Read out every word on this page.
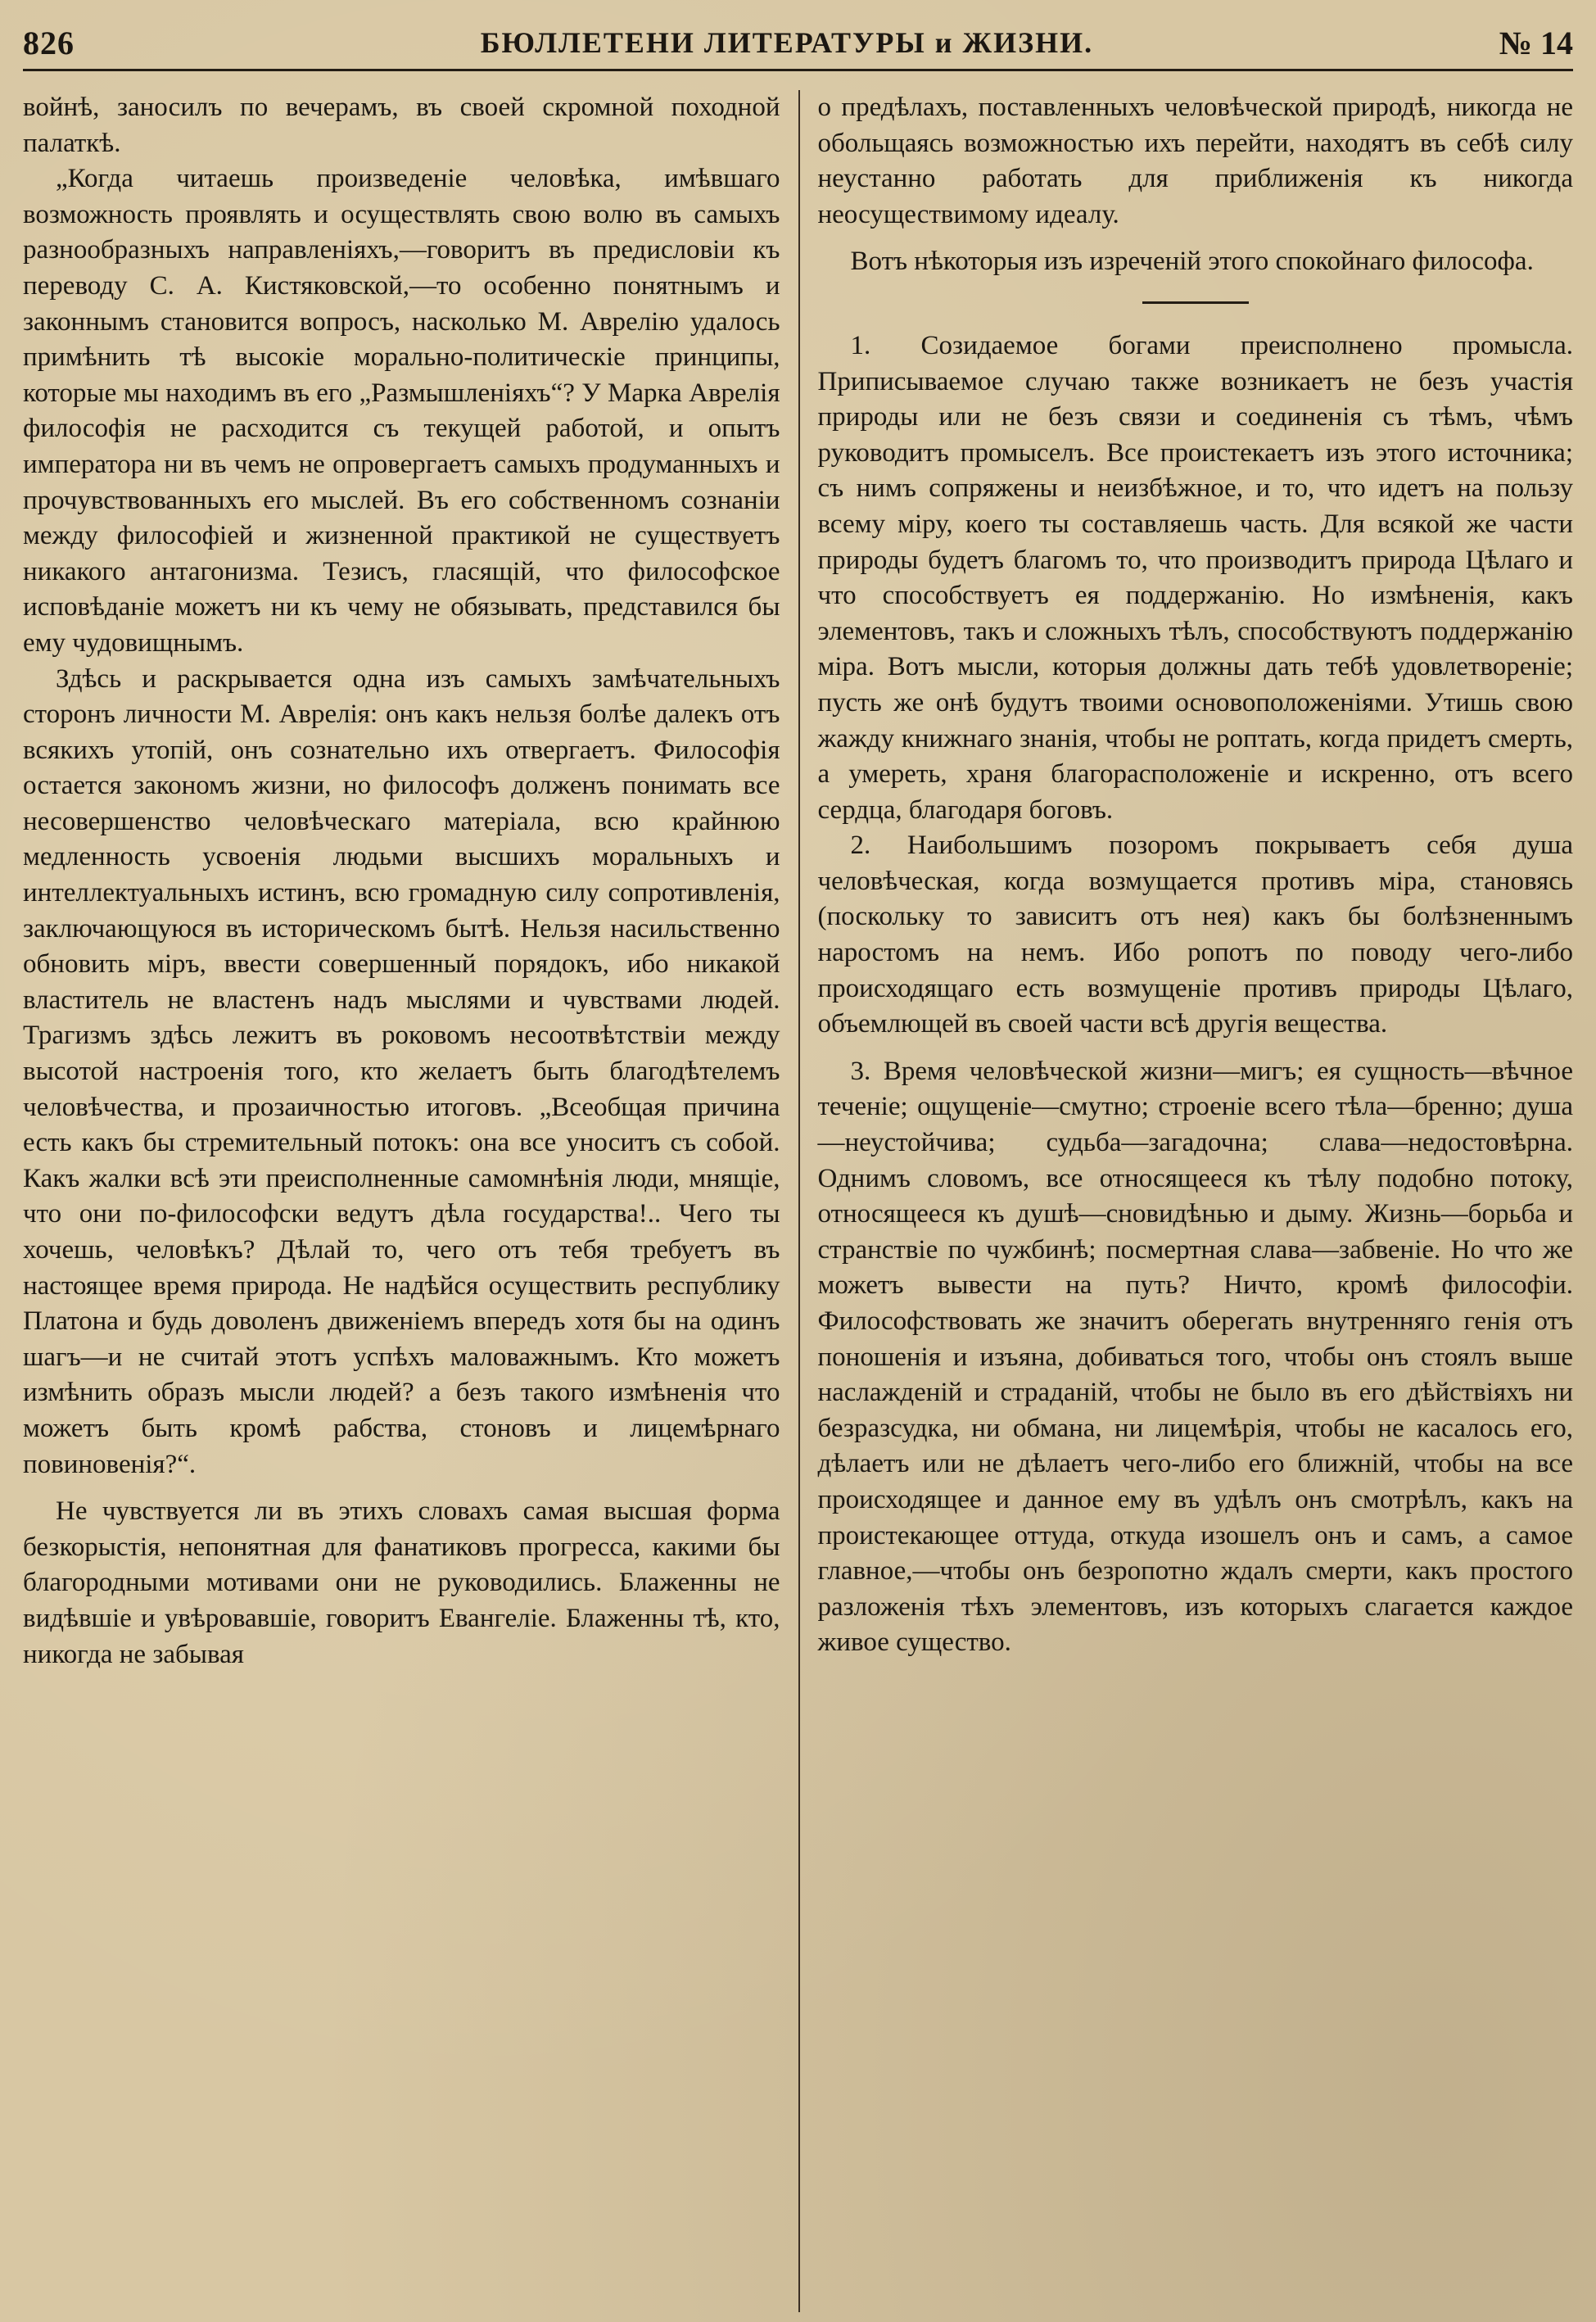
826	БЮЛЛЕТЕНИ ЛИТЕРАТУРЫ и ЖИЗНИ.	№ 14

войнѣ, заносилъ по вечерамъ, въ своей скромной походной палаткѣ.

„Когда читаешь произведеніе человѣка, имѣвшаго возможность проявлять и осуществлять свою волю въ самыхъ разнообразныхъ направленіяхъ,—говоритъ въ предисловіи къ переводу С. А. Кистяковской,—то особенно понятнымъ и законнымъ становится вопросъ, насколько М. Аврелію удалось примѣнить тѣ высокіе морально-политическіе принципы, которые мы находимъ въ его „Размышленіяхъ“? У Марка Аврелія философія не расходится съ текущей работой, и опытъ императора ни въ чемъ не опровергаетъ самыхъ продуманныхъ и прочувствованныхъ его мыслей. Въ его собственномъ сознаніи между философіей и жизненной практикой не существуетъ никакого антагонизма. Тезисъ, гласящій, что философское исповѣданіе можетъ ни къ чему не обязывать, представился бы ему чудовищнымъ.

Здѣсь и раскрывается одна изъ самыхъ замѣчательныхъ сторонъ личности М. Аврелія: онъ какъ нельзя болѣе далекъ отъ всякихъ утопій, онъ сознательно ихъ отвергаетъ. Философія остается закономъ жизни, но философъ долженъ понимать все несовершенство человѣческаго матеріала, всю крайнюю медленность усвоенія людьми высшихъ моральныхъ и интеллектуальныхъ истинъ, всю громадную силу сопротивленія, заключающуюся въ историческомъ бытѣ. Нельзя насильственно обновить міръ, ввести совершенный порядокъ, ибо никакой властитель не властенъ надъ мыслями и чувствами людей. Трагизмъ здѣсь лежитъ въ роковомъ несоотвѣтствіи между высотой настроенія того, кто желаетъ быть благодѣтелемъ человѣчества, и прозаичностью итоговъ. „Всеобщая причина есть какъ бы стремительный потокъ: она все уноситъ съ собой. Какъ жалки всѣ эти преисполненные самомнѣнія люди, мнящіе, что они по-философски ведутъ дѣла государства!.. Чего ты хочешь, человѣкъ? Дѣлай то, чего отъ тебя требуетъ въ настоящее время природа. Не надѣйся осуществить республику Платона и будь доволенъ движеніемъ впередъ хотя бы на одинъ шагъ—и не считай этотъ успѣхъ маловажнымъ. Кто можетъ измѣнить образъ мысли людей? а безъ такого измѣненія что можетъ быть кромѣ рабства, стоновъ и лицемѣрнаго повиновенія?“.

Не чувствуется ли въ этихъ словахъ самая высшая форма безкорыстія, непонятная для фанатиковъ прогресса, какими бы благородными мотивами они не руководились. Блаженны не видѣвшіе и увѣровавшіе, говоритъ Евангеліе. Блаженны тѣ, кто, никогда не забывая

о предѣлахъ, поставленныхъ человѣческой природѣ, никогда не обольщаясь возможностью ихъ перейти, находятъ въ себѣ силу неустанно работать для приближенія къ никогда неосуществимому идеалу.

Вотъ нѣкоторыя изъ изреченій этого спокойнаго философа.

1. Созидаемое богами преисполнено промысла. Приписываемое случаю также возникаетъ не безъ участія природы или не безъ связи и соединенія съ тѣмъ, чѣмъ руководитъ промыселъ. Все проистекаетъ изъ этого источника; съ нимъ сопряжены и неизбѣжное, и то, что идетъ на пользу всему міру, коего ты составляешь часть. Для всякой же части природы будетъ благомъ то, что производитъ природа Цѣлаго и что способствуетъ ея поддержанію. Но измѣненія, какъ элементовъ, такъ и сложныхъ тѣлъ, способствуютъ поддержанію міра. Вотъ мысли, которыя должны дать тебѣ удовлетвореніе; пусть же онѣ будутъ твоими основоположеніями. Утишь свою жажду книжнаго знанія, чтобы не роптать, когда придетъ смерть, а умереть, храня благорасположеніе и искренно, отъ всего сердца, благодаря боговъ.

2. Наибольшимъ позоромъ покрываетъ себя душа человѣческая, когда возмущается противъ міра, становясь (поскольку то зависитъ отъ нея) какъ бы болѣзненнымъ наростомъ на немъ. Ибо ропотъ по поводу чего-либо происходящаго есть возмущеніе противъ природы Цѣлаго, объемлющей въ своей части всѣ другія вещества.

3. Время человѣческой жизни—мигъ; ея сущность—вѣчное теченіе; ощущеніе—смутно; строеніе всего тѣла—бренно; душа—неустойчива; судьба—загадочна; слава—недостовѣрна. Однимъ словомъ, все относящееся къ тѣлу подобно потоку, относящееся къ душѣ—сновидѣнью и дыму. Жизнь—борьба и странствіе по чужбинѣ; посмертная слава—забвеніе. Но что же можетъ вывести на путь? Ничто, кромѣ философіи. Философствовать же значитъ оберегать внутренняго генія отъ поношенія и изъяна, добиваться того, чтобы онъ стоялъ выше наслажденій и страданій, чтобы не было въ его дѣйствіяхъ ни безразсудка, ни обмана, ни лицемѣрія, чтобы не касалось его, дѣлаетъ или не дѣлаетъ чего-либо его ближній, чтобы на все происходящее и данное ему въ удѣлъ онъ смотрѣлъ, какъ на проистекающее оттуда, откуда изошелъ онъ и самъ, а самое главное,—чтобы онъ безропотно ждалъ смерти, какъ простого разложенія тѣхъ элементовъ, изъ которыхъ слагается каждое живое существо.
